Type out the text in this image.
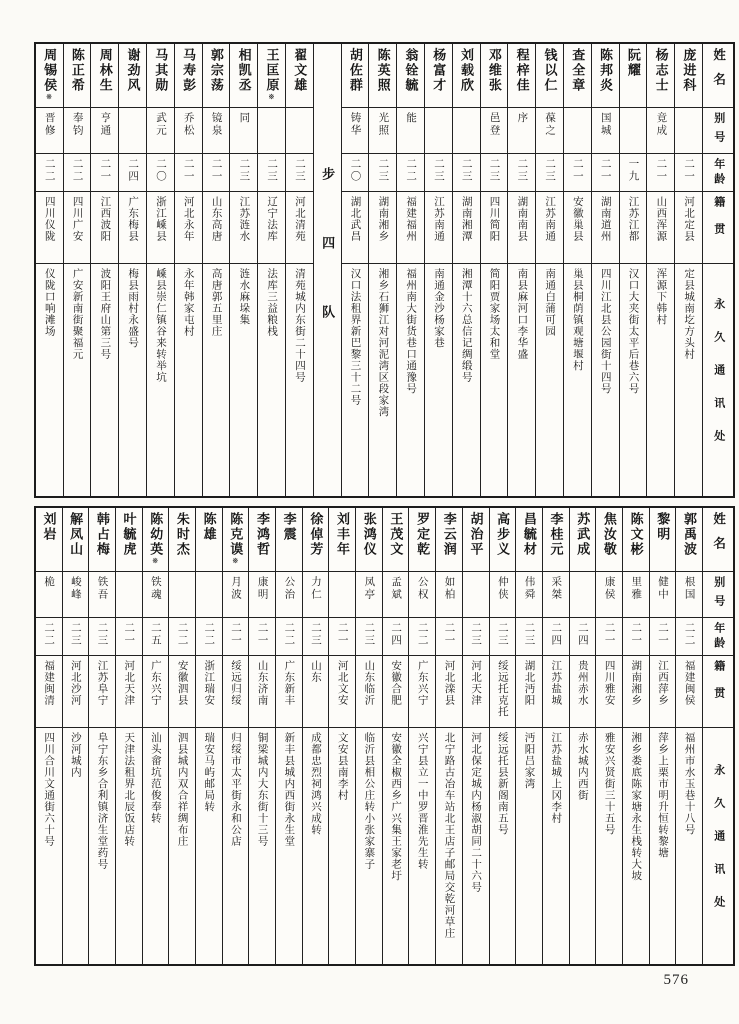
姓名
别号
年龄
籍贯
永久通讯处
庞进科
二一
河北定县
定县城南圪方头村
杨志士
竟成
二一
山西浑源
浑源下韩村
阮耀
一九
江苏江都
汉口大夹街太平后巷六号
陈邦炎
国城
二一
湖南道州
四川江北县公园街十四号
查全章
二一
安徽巢县
巢县桐荫镇观塘堰村
钱以仁
葆之
二三
江苏南通
南通白蒲可园
程梓佳
序
二三
湖南南县
南县麻河口李华盛
邓维张
邑登
二三
四川简阳
简阳贾家场太和堂
刘载欣
二三
湖南湘潭
湘潭十六总信记绸缎号
杨富才
二三
江苏南通
南通金沙杨家巷
翁铨毓
能
二二
福建福州
福州南大街货巷口通豫号
陈英照
光照
二三
湖南湘乡
湘乡石狮江对河泥湾区段家湾
胡佐群
铸华
二〇
湖北武昌
汉口法租界新巴黎三十二号
步四队
翟文雄
二三
河北清苑
清苑城内东街二十四号
王匡原※
二三
辽宁法库
法库三益粮栈
相凯丞
同
二三
江苏涟水
涟水麻垛集
郭宗荡
镜泉
二一
山东高唐
高唐郭五里庄
马寿彭
乔松
二一
河北永年
永年韩家屯村
马其勋
武元
二〇
浙江嵊县
嵊县崇仁镇谷来转举坑
谢劲风
二四
广东梅县
梅县雨村永盛号
周林生
亨通
二一
江西波阳
波阳王府山第三号
陈正希
奉钧
二二
四川广安
广安新南街聚福元
周锡侯※
晋修
二二
四川仪陇
仪陇口响滩场
姓名
别号
年龄
籍贯
永久通讯处
郭禹波
根国
二二
福建闽侯
福州市水玉巷十八号
黎明
健中
二一
江西萍乡
萍乡上栗市明升恒转黎塘
陈文彬
里雅
二一
湖南湘乡
湘乡娄底陈家塘永生栈转大坡
焦汝敬
康侯
二一
四川雅安
雅安兴贤街三十五号
苏武成
二四
贵州赤水
赤水城内西街
李桂元
采桀
二四
江苏盐城
江苏盐城上冈李村
昌毓材
伟舜
二三
湖北沔阳
沔阳吕家湾
高步义
仲侠
二三
绥远托克托
绥远托县新阁南五号
胡治平
二三
河北天津
河北保定城内杨淑胡同二十六号
李云润
如柏
二一
河北滦县
北宁路古冶车站北王店子邮局交乾河草庄
罗定乾
公权
二二
广东兴宁
兴宁县立一中罗晋淮先生转
王茂文
孟斌
二四
安徽合肥
安徽全椒西乡广兴集王家老圩
张鸿仪
凤亭
二三
山东临沂
临沂县相公庄转小张家寨子
刘丰年
二一
河北文安
文安县南李村
徐倬芳
力仁
二三
山东
成都忠烈祠鸿兴成转
李震
公治
二二
广东新丰
新丰县城内西街永生堂
李鸿哲
康明
二一
山东济南
铜梁城内大东街十三号
陈克谟※
月波
二一
绥远归绥
归绥市太平街永和公店
陈雄
二二
浙江瑞安
瑞安马屿邮局转
朱时杰
二二
安徽泗县
泗县城内双合祥绸布庄
陈幼英※
铁魂
二五
广东兴宁
汕头畲坑范俊奉转
叶毓虎
二一
河北天津
天津法租界北辰饭店转
韩占梅
铁吾
二三
江苏阜宁
阜宁东乡合利镇济生堂药号
解凤山
峻峰
二三
河北沙河
沙河城内
刘岩
桅
二二
福建闽清
四川合川文通街六十号
576
